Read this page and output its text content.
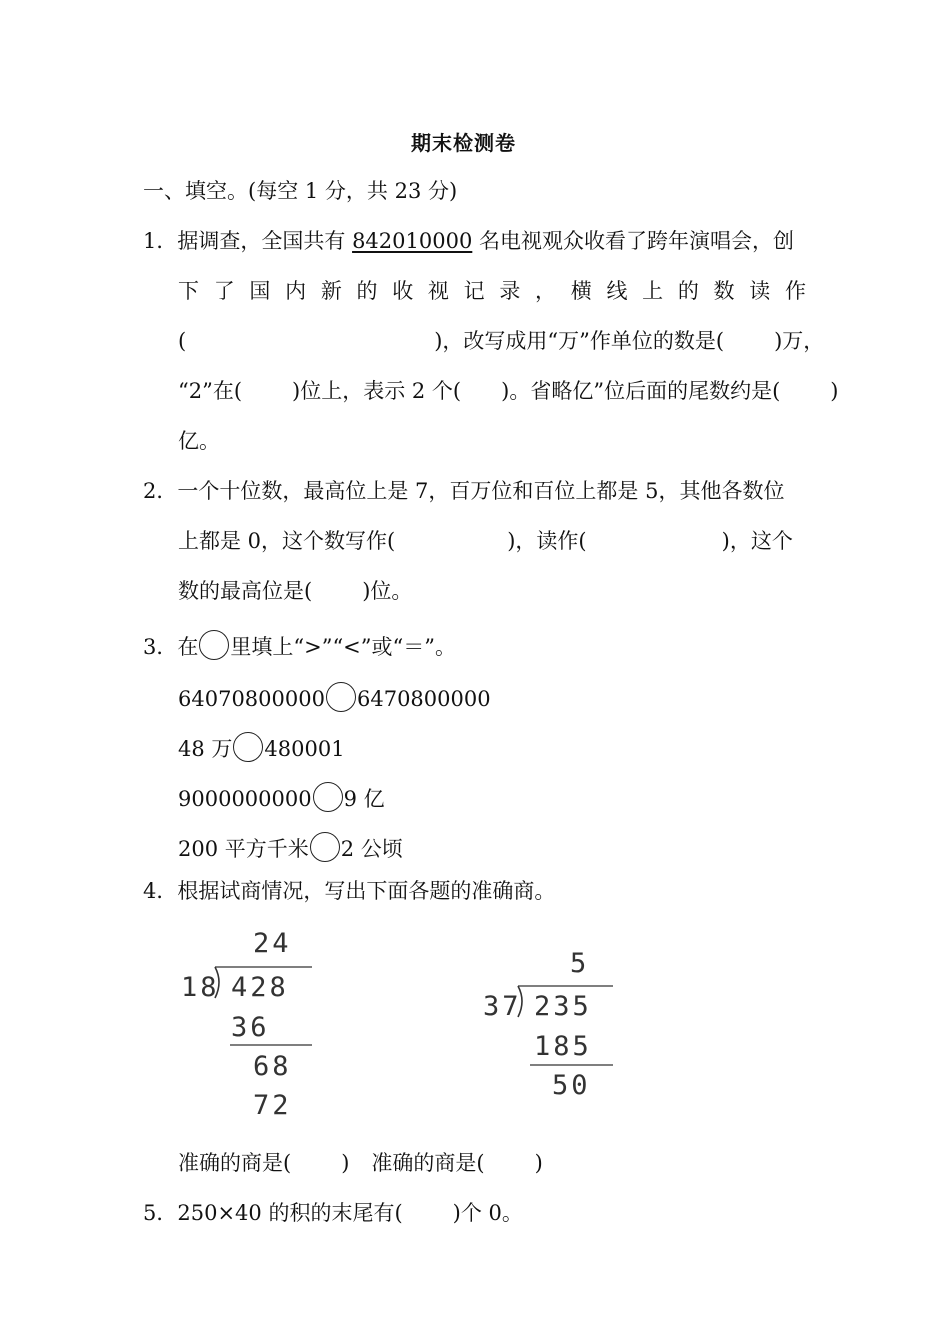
期末检测卷
一、填空。(每空 1 分，共 23 分)
1．据调查，全国共有 842010000 名电视观众收看了跨年演唱会，创
下 了 国 内 新 的 收 视 记 录 ， 横 线 上 的 数 读 作
(	)，改写成用“万”作单位的数是( )万，
“2”在( )位上，表示 2 个( )。省略亿”位后面的尾数约是( )
亿。
2．一个十位数，最高位上是 7，百万位和百位上都是 5，其他各数位
上都是 0，这个数写作(	)，读作(	)，这个
数的最高位是( )位。
3．在 里填上“>”“<”或“＝”。
64070800000 6470800000
48 万 480001
9000000000 9 亿
200 平方千米 2 公顷
4．根据试商情况，写出下面各题的准确商。
24
18 428
36
68
72
5
37 235
185
50
准确的商是( ) 准确的商是( )
5．250×40 的积的末尾有( )个 0。
